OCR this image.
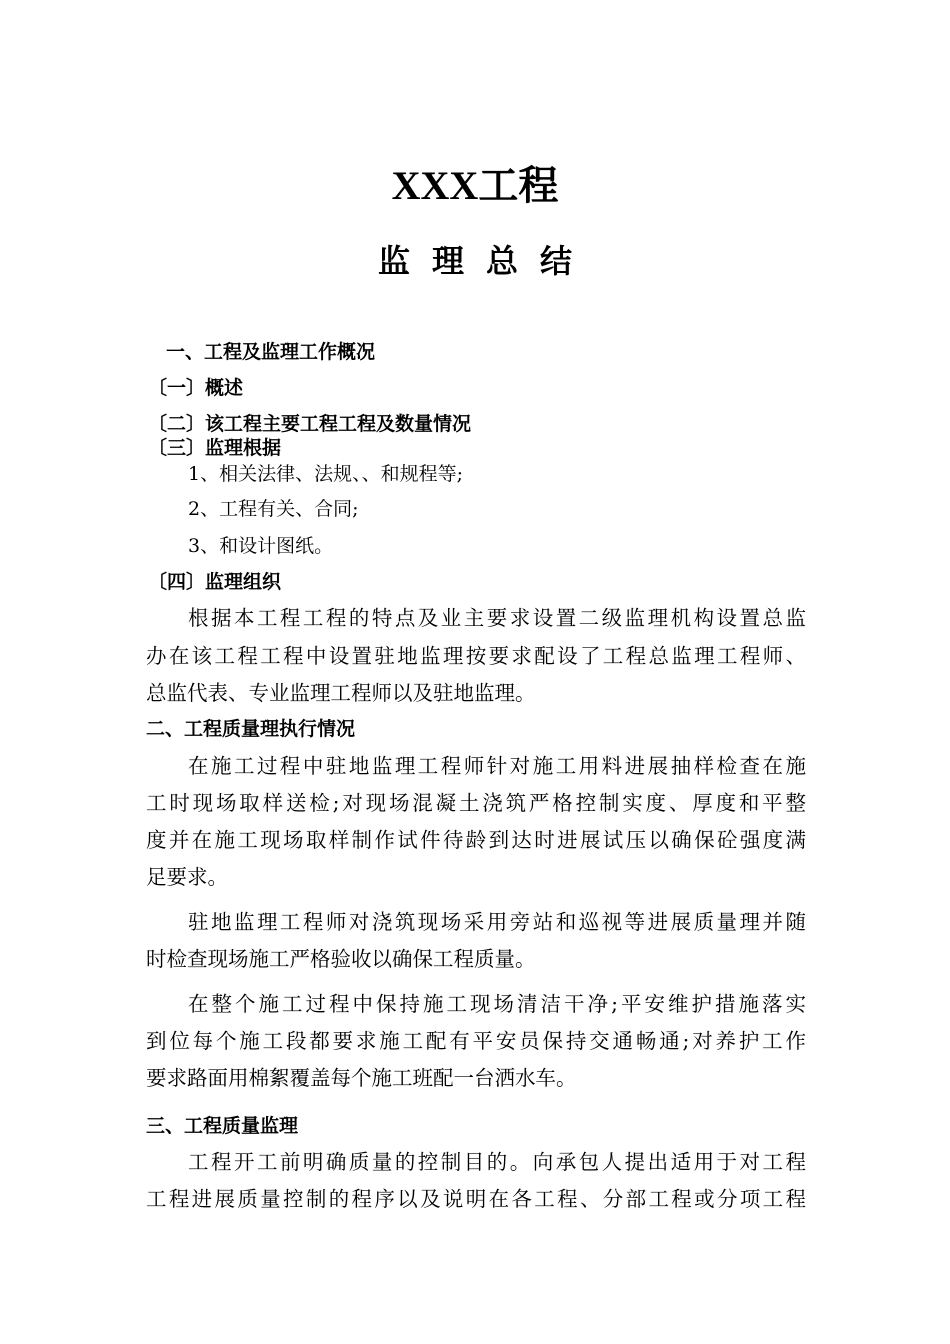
XXX工程
监理总结

一、工程及监理工作概况

〔一〕概述

〔二〕该工程主要工程工程及数量情况

〔三〕监理根据

1、相关法律、法规、、和规程等;

2、工程有关、合同;

3、和设计图纸。

〔四〕监理组织

根据本工程工程的特点及业主要求设置二级监理机构设置总监

办在该工程工程中设置驻地监理按要求配设了工程总监理工程师、

总监代表、专业监理工程师以及驻地监理。

二、工程质量理执行情况

在施工过程中驻地监理工程师针对施工用料进展抽样检查在施

工时现场取样送检;对现场混凝土浇筑严格控制实度、厚度和平整

度并在施工现场取样制作试件待龄到达时进展试压以确保砼强度满

足要求。

驻地监理工程师对浇筑现场采用旁站和巡视等进展质量理并随

时检查现场施工严格验收以确保工程质量。

在整个施工过程中保持施工现场清洁干净;平安维护措施落实

到位每个施工段都要求施工配有平安员保持交通畅通;对养护工作

要求路面用棉絮覆盖每个施工班配一台洒水车。

三、工程质量监理

工程开工前明确质量的控制目的。向承包人提出适用于对工程

工程进展质量控制的程序以及说明在各工程、分部工程或分项工程
